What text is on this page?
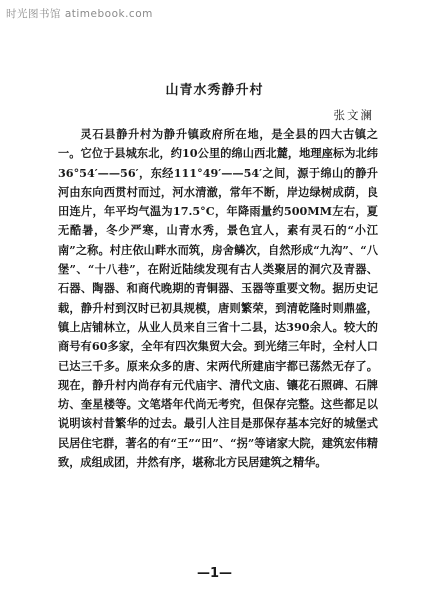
时光图书馆 atimebook.com
山青水秀静升村
张文澜

灵石县静升村为静升镇政府所在地，是全县的四大古镇之一。它位于县城东北，约10公里的绵山西北麓，地理座标为北纬36°54′——56′，东经111°49′——54′之间，源于绵山的静升河由东向西贯村而过，河水清澈，常年不断，岸边绿树成荫，良田连片，年平均气温为17.5°C，年降雨量约500MM左右，夏无酷暑，冬少严寒，山青水秀，景色宜人，素有灵石的“小江南”之称。村庄依山畔水而筑，房舍鳞次，自然形成“九沟”、“八堡”、“十八巷”，在附近陆续发现有古人类聚居的洞穴及青器、石器、陶器、和商代晚期的青铜器、玉器等重要文物。据历史记载，静升村到汉时已初具规模，唐则繁荣，到清乾隆时则鼎盛，镇上店铺林立，从业人员来自三省十二县，达390余人。较大的商号有60多家，全年有四次集贸大会。到光绪三年时，全村人口已达三千多。原来众多的唐、宋两代所建庙宇都已荡然无存了。现在，静升村内尚存有元代庙宇、清代文庙、镶花石照碑、石牌坊、奎星楼等。文笔塔年代尚无考究，但保存完整。这些都足以说明该村昔繁华的过去。最引人注目是那保存基本完好的城堡式民居住宅群，著名的有“王”“田”、“拐”等诸家大院，建筑宏伟精致，成组成团，井然有序，堪称北方民居建筑之精华。

—1—
